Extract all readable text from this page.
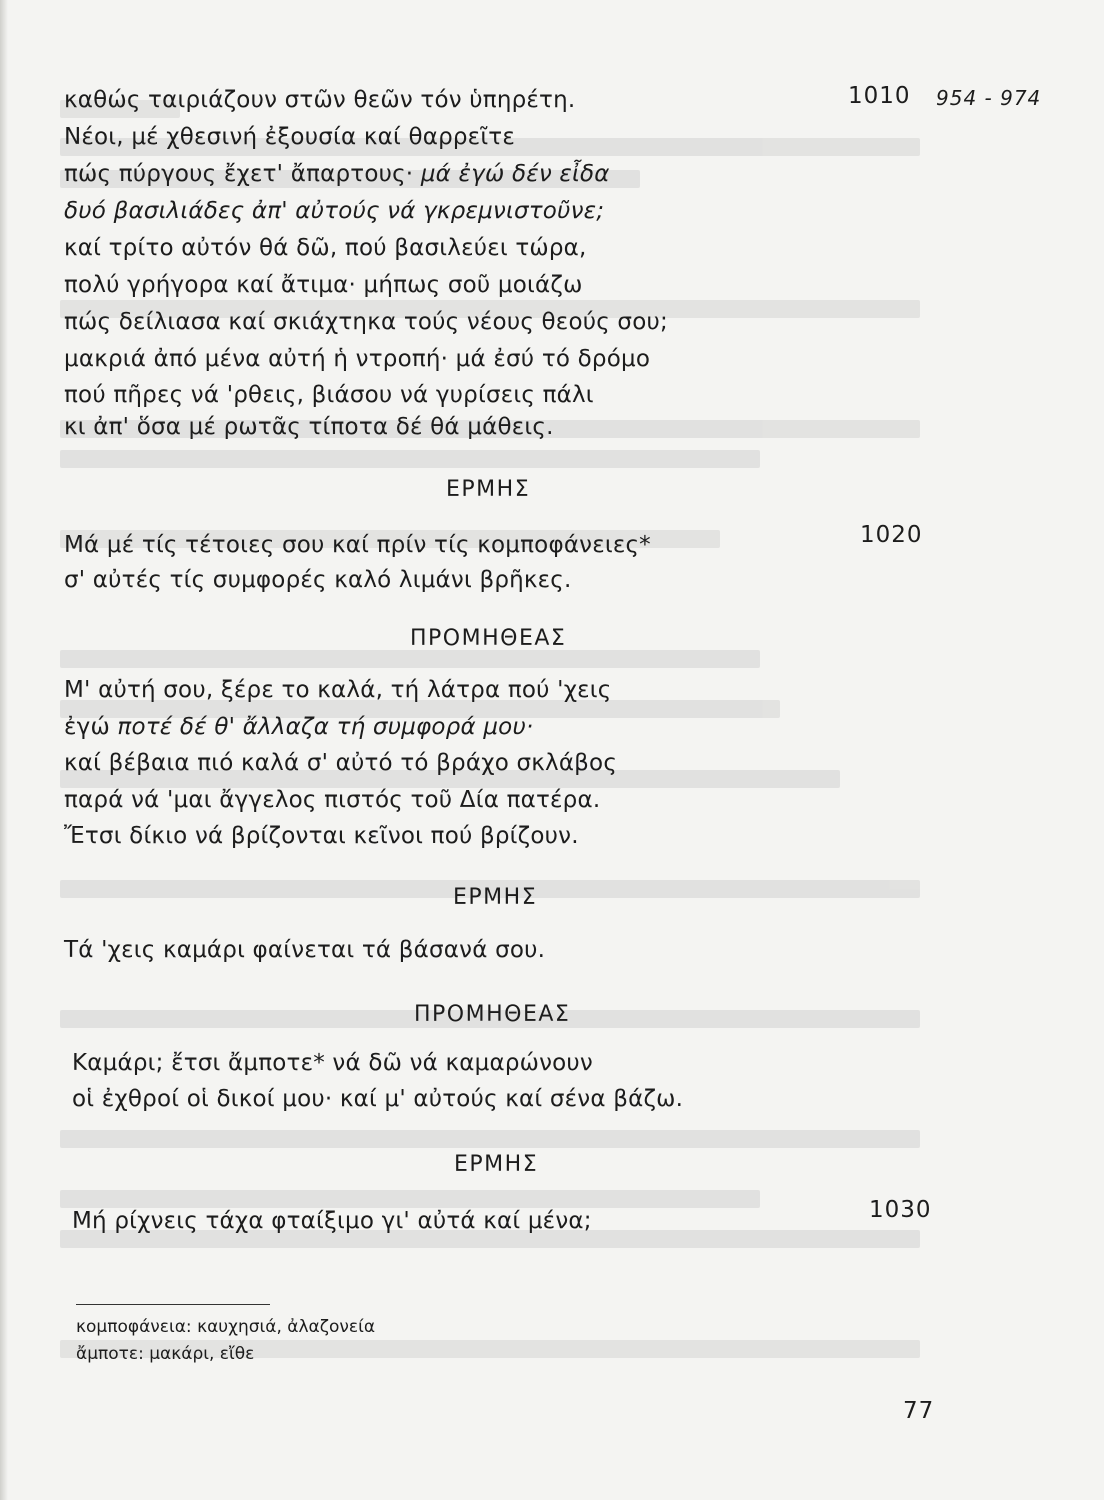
1010 954 - 974
καθώς ταιριάζουν στῶν θεῶν τόν ὑπηρέτη.
Νέοι, μέ χθεσινή ἐξουσία καί θαρρεῖτε
πώς πύργους ἔχετ' ἄπαρτους· μά ἐγώ δέν εἶδα
δυό βασιλιάδες ἀπ' αὐτούς νά γκρεμνιστοῦνε;
καί τρίτο αὐτόν θά δῶ, πού βασιλεύει τώρα,
πολύ γρήγορα καί ἄτιμα· μήπως σοῦ μοιάζω
πώς δείλιασα καί σκιάχτηκα τούς νέους θεούς σου;
μακριά ἀπό μένα αὐτή ἡ ντροπή· μά ἐσύ τό δρόμο
πού πῆρες νά 'ρθεις, βιάσου νά γυρίσεις πάλι
κι ἀπ' ὅσα μέ ρωτᾶς τίποτα δέ θά μάθεις.
Μά μέ τίς τέτοιες σου καί πρίν τίς κομποφάνειες*
σ' αὐτές τίς συμφορές καλό λιμάνι βρῆκες.
Μ' αὐτή σου, ξέρε το καλά, τή λάτρα πού 'χεις
ἐγώ ποτέ δέ θ' ἄλλαζα τή συμφορά μου·
καί βέβαια πιό καλά σ' αὐτό τό βράχο σκλάβος
παρά νά 'μαι ἄγγελος πιστός τοῦ Δία πατέρα.
Ἔτσι δίκιο νά βρίζονται κεῖνοι πού βρίζουν.
Τά 'χεις καμάρι φαίνεται τά βάσανά σου.
Καμάρι; ἔτσι ἄμποτε* νά δῶ νά καμαρώνουν
οἱ ἐχθροί οἱ δικοί μου· καί μ' αὐτούς καί σένα βάζω.
Μή ρίχνεις τάχα φταίξιμο γι' αὐτά καί μένα;
ΕΡΜΗΣ
ΠΡΟΜΗΘΕΑΣ
ΕΡΜΗΣ
ΠΡΟΜΗΘΕΑΣ
ΕΡΜΗΣ
1020
1030
κομποφάνεια: καυχησιά, ἀλαζονεία
ἄμποτε: μακάρι, εἴθε
77
